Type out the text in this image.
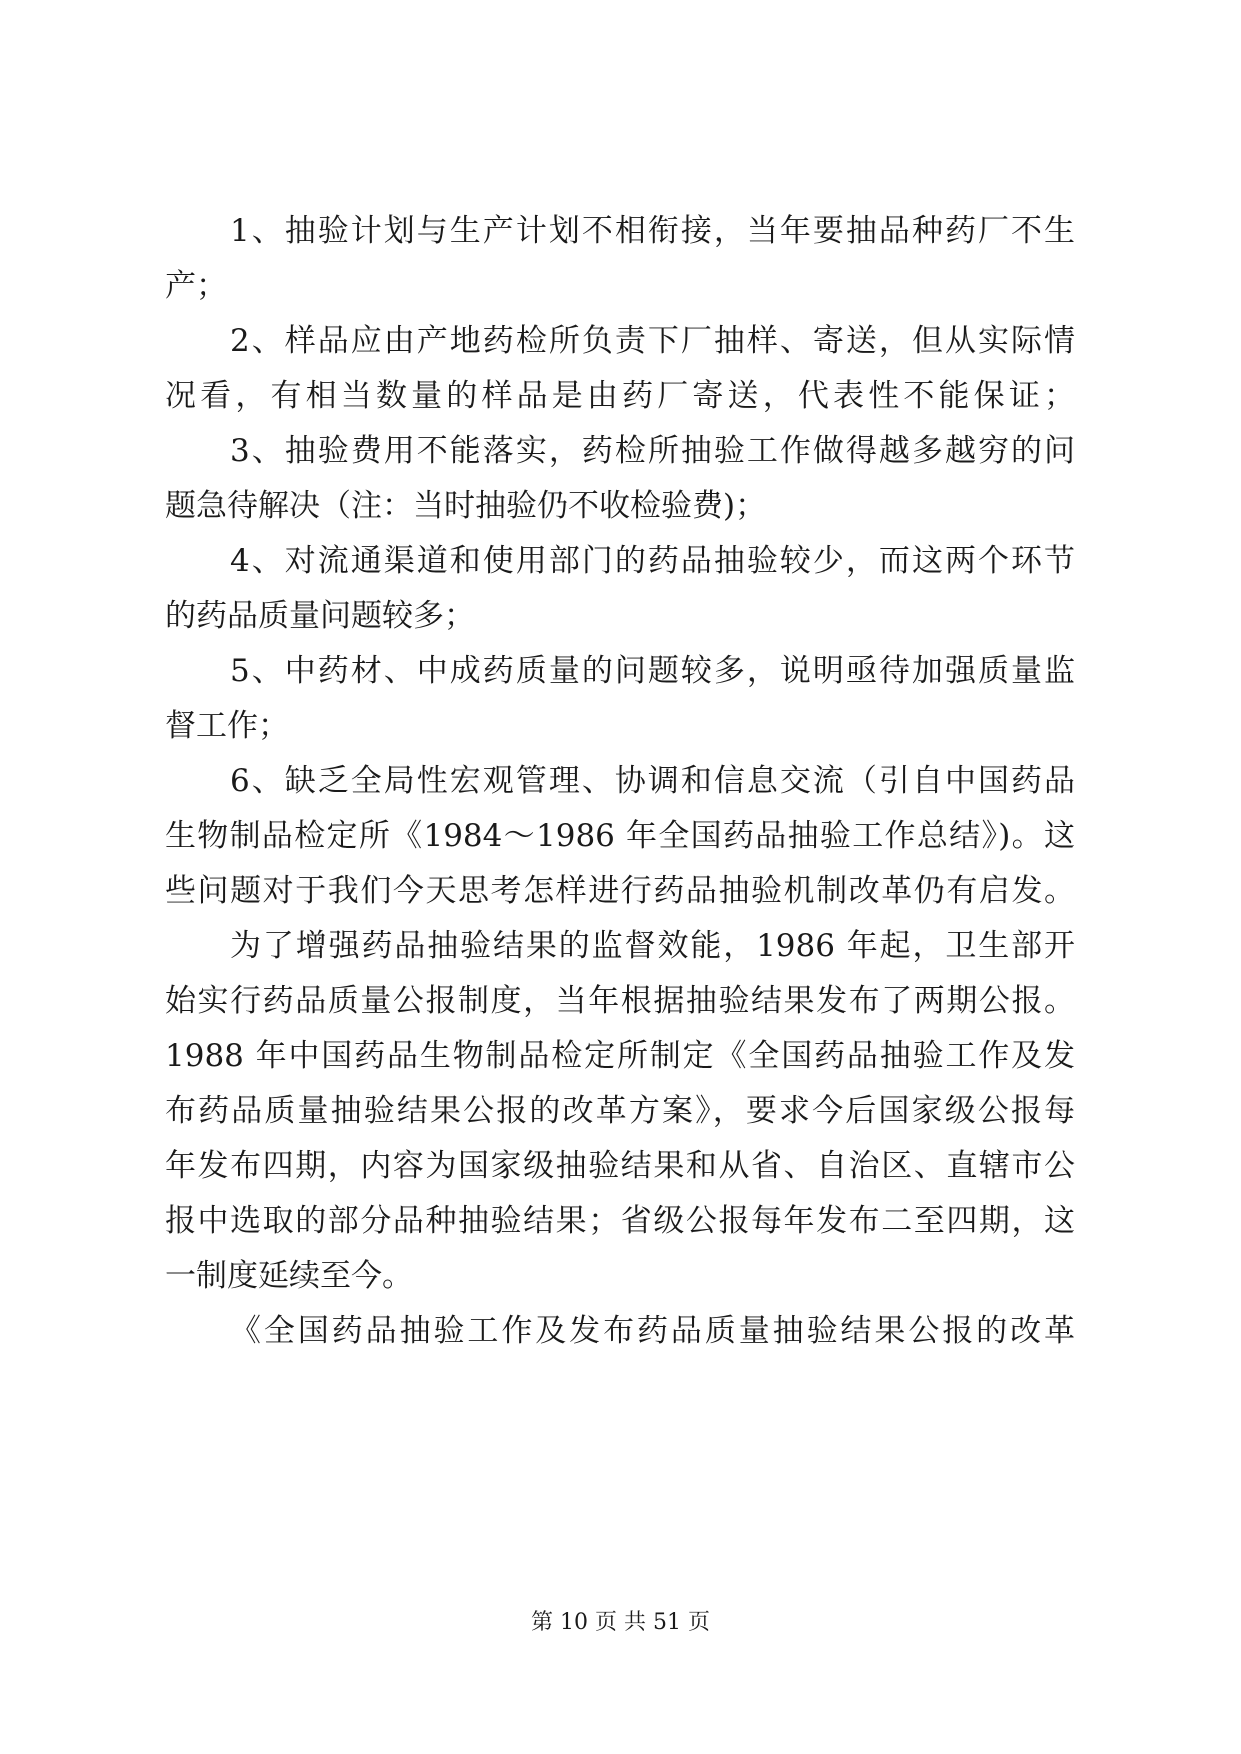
1、抽验计划与生产计划不相衔接，当年要抽品种药厂不生
产；
2、样品应由产地药检所负责下厂抽样、寄送，但从实际情
况看，有相当数量的样品是由药厂寄送，代表性不能保证；
3、抽验费用不能落实，药检所抽验工作做得越多越穷的问
题急待解决（注：当时抽验仍不收检验费)；
4、对流通渠道和使用部门的药品抽验较少，而这两个环节
的药品质量问题较多；
5、中药材、中成药质量的问题较多，说明亟待加强质量监
督工作；
6、缺乏全局性宏观管理、协调和信息交流（引自中国药品
生物制品检定所《1984～1986 年全国药品抽验工作总结》)。这
些问题对于我们今天思考怎样进行药品抽验机制改革仍有启发。
为了增强药品抽验结果的监督效能，1986 年起，卫生部开
始实行药品质量公报制度，当年根据抽验结果发布了两期公报。
1988 年中国药品生物制品检定所制定《全国药品抽验工作及发
布药品质量抽验结果公报的改革方案》，要求今后国家级公报每
年发布四期，内容为国家级抽验结果和从省、自治区、直辖市公
报中选取的部分品种抽验结果；省级公报每年发布二至四期，这
一制度延续至今。
《全国药品抽验工作及发布药品质量抽验结果公报的改革
第 10 页 共 51 页
